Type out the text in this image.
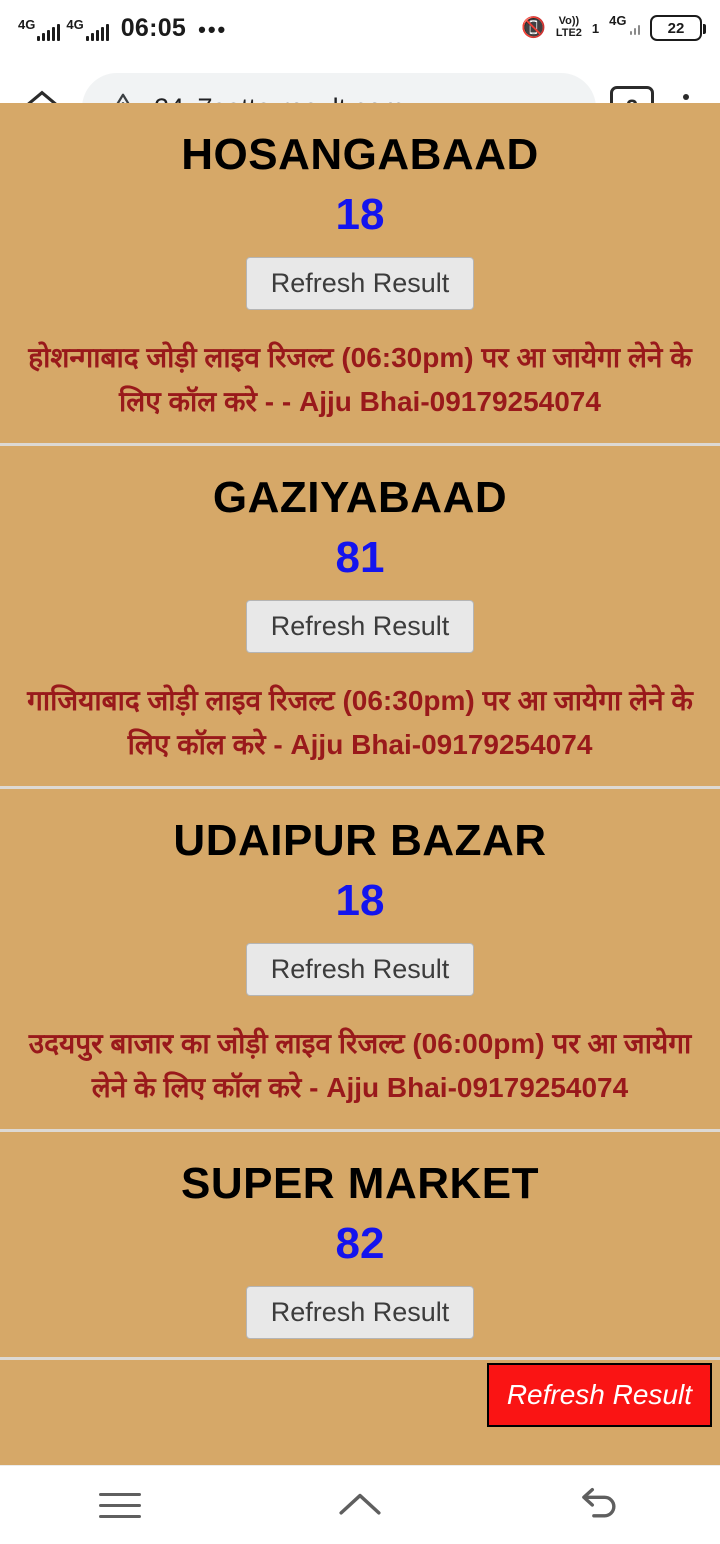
4G 4G 06:05 •••	📵 Vo))
LTE2 1
4G	22
HOSANGABAAD
18
Refresh Result
होशन्गाबाद जोड़ी लाइव रिजल्ट (06:30pm) पर आ जायेगा लेने के लिए कॉल करे - - Ajju Bhai-09179254074
GAZIYABAAD
81
Refresh Result
गाजियाबाद जोड़ी लाइव रिजल्ट (06:30pm) पर आ जायेगा लेने के लिए कॉल करे - Ajju Bhai-09179254074
UDAIPUR BAZAR
18
Refresh Result
उदयपुर बाजार का जोड़ी लाइव रिजल्ट (06:00pm) पर आ जायेगा लेने के लिए कॉल करे - Ajju Bhai-09179254074
SUPER MARKET
82
Refresh Result
Refresh Result
